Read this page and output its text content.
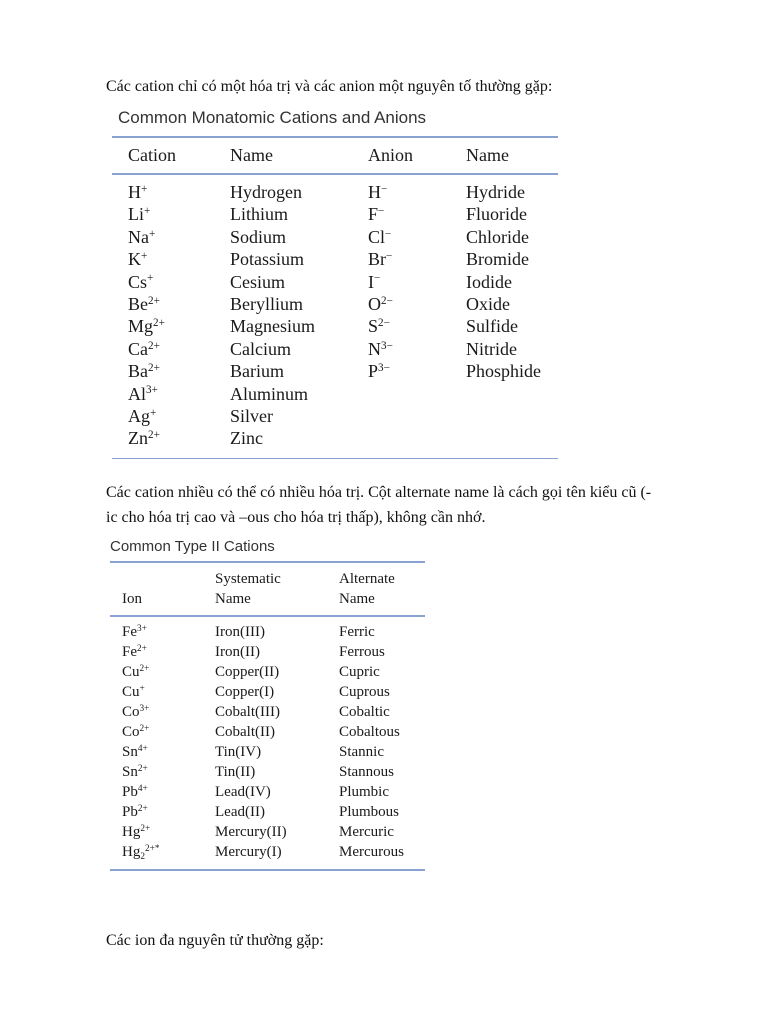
Các cation chỉ có một hóa trị và các anion một nguyên tố thường gặp:
Common Monatomic Cations and Anions
Cation	Name	Anion	Name
H+	Hydrogen	H−	Hydride
Li+	Lithium	F−	Fluoride
Na+	Sodium	Cl−	Chloride
K+	Potassium	Br−	Bromide
Cs+	Cesium	I−	Iodide
$Be^{2+}$	Beryllium	$O^{2-}$	Oxide
$Mg^{2+}$	Magnesium	$S^{2-}$	Sulfide
$Ca^{2+}$	Calcium	$N^{3-}$	Nitride
$Ba^{2+}$	Barium	$P^{3-}$	Phosphide
$Al^{3+}$	Aluminum
Ag+	Silver
$Zn^{2+}$	Zinc
Các cation nhiều có thể có nhiều hóa trị. Cột alternate name là cách gọi tên kiểu cũ (-
ic cho hóa trị cao và –ous cho hóa trị thấp), không cần nhớ.
Common Type II Cations
Systematic	Alternate
Ion	Name	Name
$Fe^{3+}$	Iron(III)	Ferric
$Fe^{2+}$	Iron(II)	Ferrous
$Cu^{2+}$	Copper(II)	Cupric
Cu+	Copper(I)	Cuprous
$Co^{3+}$	Cobalt(III)	Cobaltic
$Co^{2+}$	Cobalt(II)	Cobaltous
$Sn^{4+}$	Tin(IV)	Stannic
$Sn^{2+}$	Tin(II)	Stannous
$Pb^{4+}$	Lead(IV)	Plumbic
$Pb^{2+}$	Lead(II)	Plumbous
$Hg^{2+}$	Mercury(II)	Mercuric
$Hg_2^{2+*}$	Mercury(I)	Mercurous
Các ion đa nguyên tử thường gặp:
